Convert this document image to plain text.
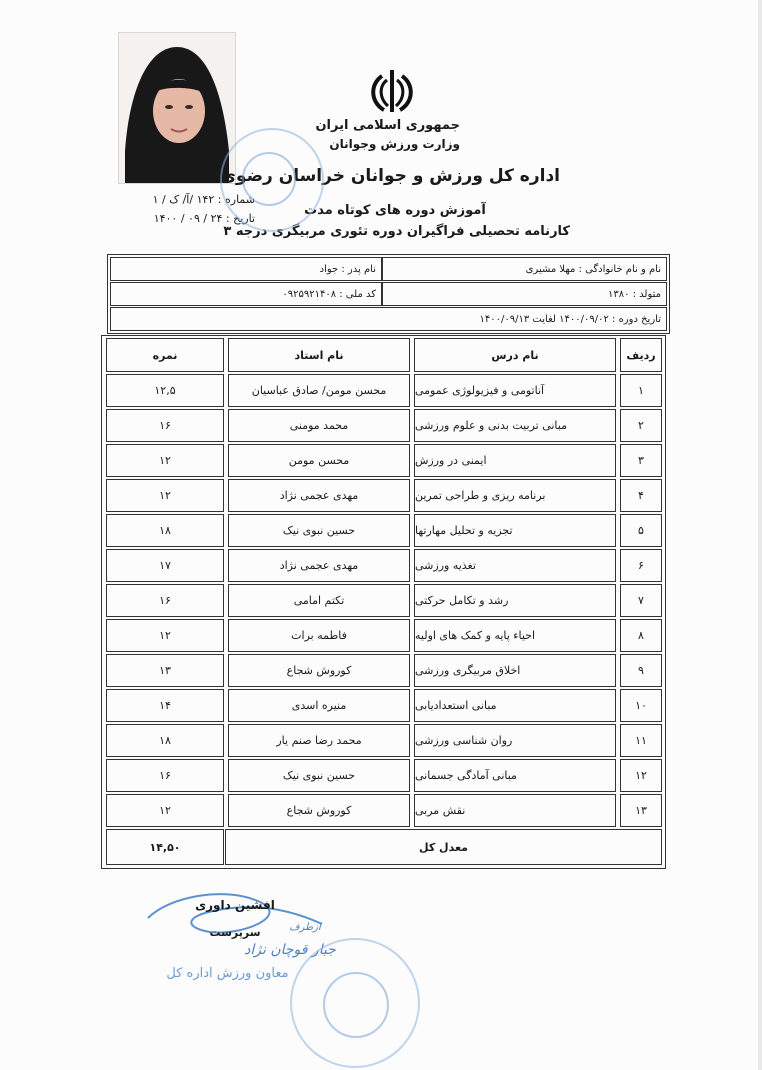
جمهوری اسلامی ایران
وزارت ورزش وجوانان
اداره کل ورزش و جوانان خراسان رضوی
آموزش دوره های کوتاه مدت
کارنامه تحصیلی فراگیران دوره تئوری مربیگری درجه ۳
شماره : ۱۴۲ /آ/ ک / ۱
تاریخ : ۲۴ / ۰۹ / ۱۴۰۰
نام و نام خانوادگی : مهلا مشیری
نام پدر : جواد
متولد : ۱۳۸۰
کد ملی : ۰۹۲۵۹۲۱۴۰۸
تاریخ دوره : ۱۴۰۰/۰۹/۰۲ لغایت ۱۴۰۰/۰۹/۱۳
ردیف
نام درس
نام استاد
نمره
۱
آناتومی و فیزیولوژی عمومی
محسن مومن/ صادق عباسیان
۱۲,۵
۲
مبانی تربیت بدنی و علوم ورزشی
محمد مومنی
۱۶
۳
ایمنی در ورزش
محسن مومن
۱۲
۴
برنامه ریزی و طراحی تمرین
مهدی عجمی نژاد
۱۲
۵
تجزیه و تحلیل مهارتها
حسین نبوی نیک
۱۸
۶
تغذیه ورزشی
مهدی عجمی نژاد
۱۷
۷
رشد و تکامل حرکتی
تکتم امامی
۱۶
۸
احیاء پایه و کمک های اولیه
فاطمه برات
۱۲
۹
اخلاق مربیگری ورزشی
کوروش شجاع
۱۳
۱۰
مبانی استعدادیابی
منیره اسدی
۱۴
۱۱
روان شناسی ورزشی
محمد رضا صنم یار
۱۸
۱۲
مبانی آمادگی جسمانی
حسین نبوی نیک
۱۶
۱۳
نقش مربی
کوروش شجاع
۱۲
معدل کل
۱۴,۵۰
افشین داوری
سرپرست	ازطرف
جبار قوچان نژاد
معاون ورزش اداره کل
